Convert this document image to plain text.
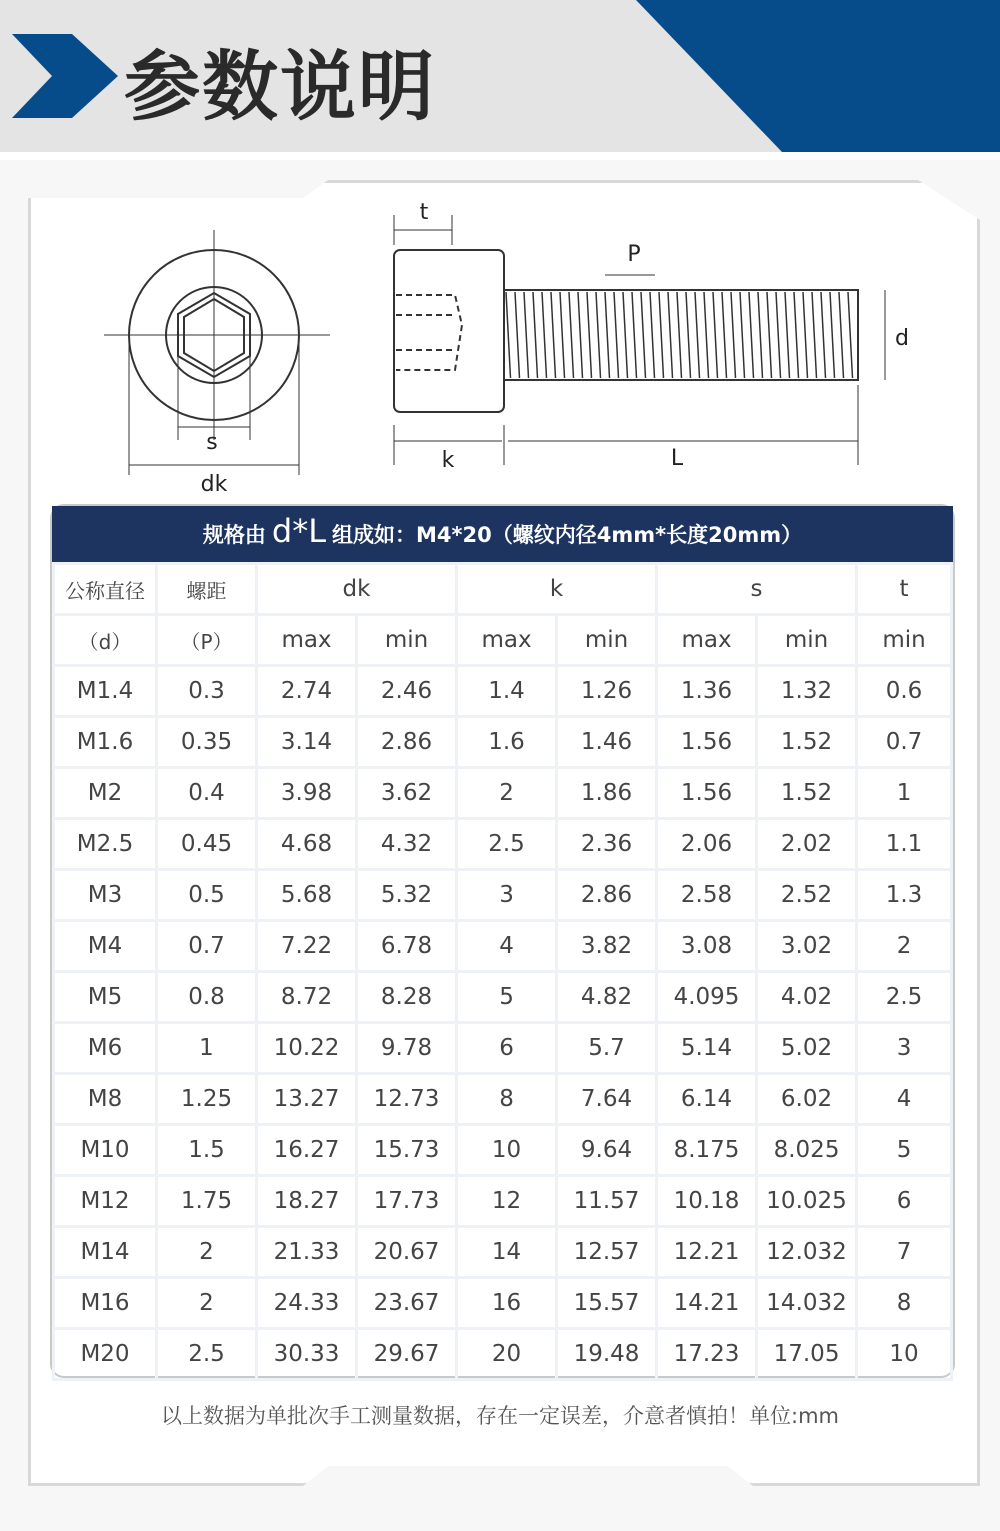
参数说明
s
dk
t
P
d
k	L
规格由 d*L 组成如：M4*20（螺纹内径4mm*长度20mm）
公称直径	螺距	dk		k		s		t
（d）	（P）	max	min	max	min	max	min	min
M1.4	0.3	2.74	2.46	1.4	1.26	1.36	1.32	0.6
M1.6	0.35	3.14	2.86	1.6	1.46	1.56	1.52	0.7
M2	0.4	3.98	3.62	2	1.86	1.56	1.52	1
M2.5	0.45	4.68	4.32	2.5	2.36	2.06	2.02	1.1
M3	0.5	5.68	5.32	3	2.86	2.58	2.52	1.3
M4	0.7	7.22	6.78	4	3.82	3.08	3.02	2
M5	0.8	8.72	8.28	5	4.82	4.095	4.02	2.5
M6	1	10.22	9.78	6	5.7	5.14	5.02	3
M8	1.25	13.27	12.73	8	7.64	6.14	6.02	4
M10	1.5	16.27	15.73	10	9.64	8.175	8.025	5
M12	1.75	18.27	17.73	12	11.57	10.18	10.025	6
M14	2	21.33	20.67	14	12.57	12.21	12.032	7
M16	2	24.33	23.67	16	15.57	14.21	14.032	8
M20	2.5	30.33	29.67	20	19.48	17.23	17.05	10
以上数据为单批次手工测量数据，存在一定误差，介意者慎拍！单位:mm
